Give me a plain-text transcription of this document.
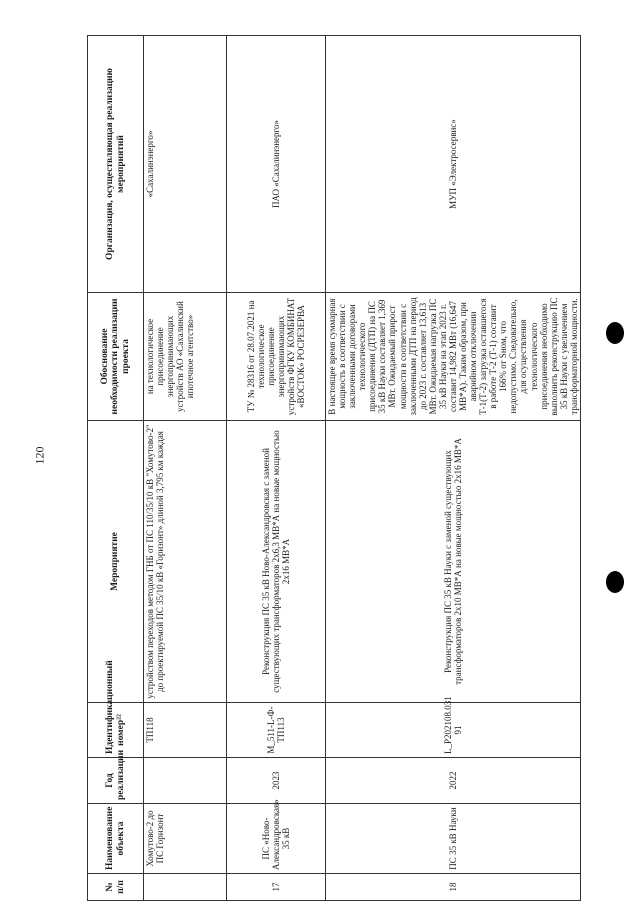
120
№ п/п	Наименование объекта	Год реализации	Идентификационный номер²²	Мероприятие	Обоснование необходимости реализации проекта	Организация, осуществляющая реализацию мероприятий
	Хомутово-2 до ПС Горизонт		ТП118	устройством переходов методом ГНБ от ПС 110/35/10 кВ "Хомутово-2" до проектируемой ПС 35/10 кВ «Горизонт» длиной 3,795 км каждая	на технологическое присоединение энергопринимающих устройств АО «Сахалинский ипотечное агентство»	«Сахалинэнерго»
17	ПС «Ново-Александровская» 35 кВ	2023	M_511-L-Ф-ТП113	Реконструкция ПС 35 кВ Ново-Александровская с заменой существующих трансформаторов 2х6,3 МВ*А на новые мощностью 2х16 МВ*А	ТУ № 28316 от 28.07.2021 на технологическое присоединение энергопринимающих устройств ФГКУ КОМБИНАТ «ВОСТОК» РОСРЕЗЕРВА	ПАО «Сахалинэнерго»
18	ПС 35 кВ Науки	2022	L_P202108.031 91	Реконструкция ПС 35 кВ Науки с заменой существующих трансформаторов 2х10 МВ*А на новые мощностью 2х16 МВ*А	В настоящее время суммарная мощность в соответствии с заключенными договорами технологического присоединения (ДТП) на ПС 35 кВ Науки составляет 1,369 МВт. Ожидаемый прирост мощности в соответствии с заключенными ДТП на период до 2023 г. составляет 13,613 МВт. Ожидаемая нагрузка ПС 35 кВ Науки на этап 2023 г. составит 14,982 МВт (16,647 МВ*А). Таким образом, при аварийном отключении Т-1(Т-2) загрузка оставшегося в работе Т-2 (Т-1) составит 166% от Sном, что недопустимо. Следовательно, для осуществления технологического присоединения необходимо выполнить реконструкцию ПС 35 кВ Науки с увеличением трансформаторной мощности.	МУП «Электросервис»
